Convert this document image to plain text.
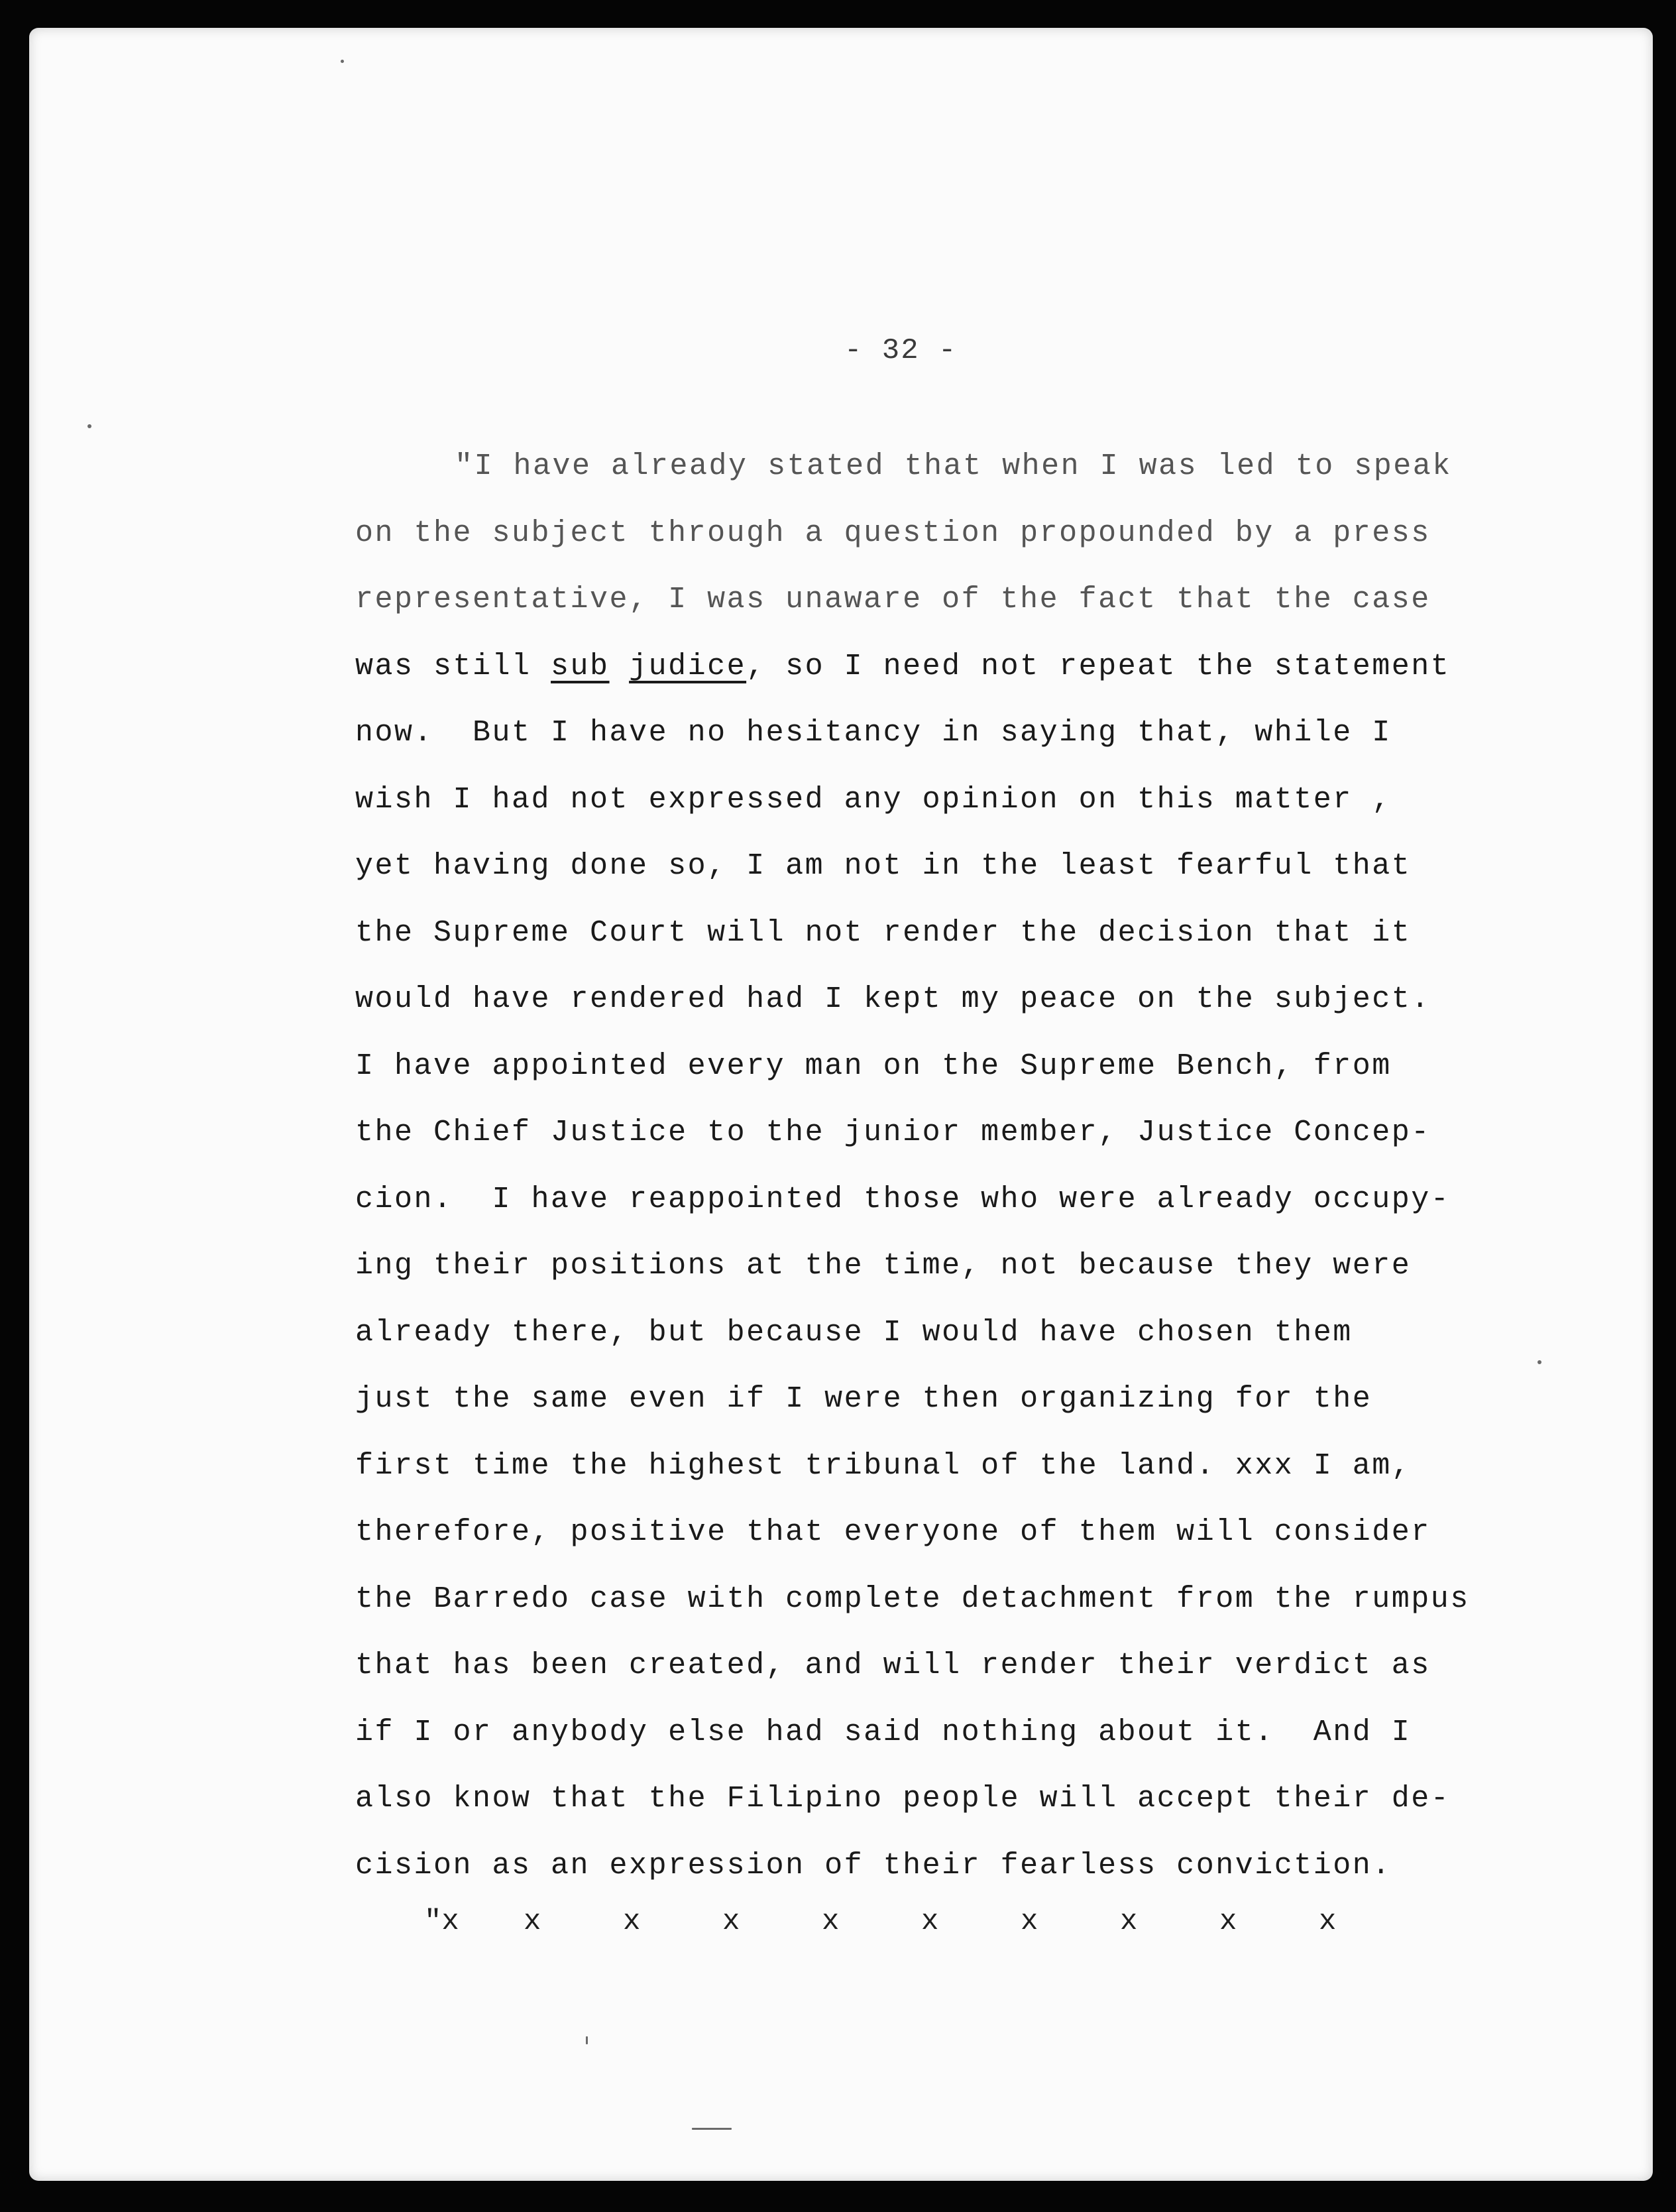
- 32 -
"I have already stated that when I was led to speak
on the subject through a question propounded by a press
representative, I was unaware of the fact that the case
was still sub judice, so I need not repeat the statement
now.  But I have no hesitancy in saying that, while I
wish I had not expressed any opinion on this matter ,
yet having done so, I am not in the least fearful that
the Supreme Court will not render the decision that it
would have rendered had I kept my peace on the subject.
I have appointed every man on the Supreme Bench, from
the Chief Justice to the junior member, Justice Concep-
cion.  I have reappointed those who were already occupy-
ing their positions at the time, not because they were
already there, but because I would have chosen them
just the same even if I were then organizing for the
first time the highest tribunal of the land. xxx I am,
therefore, positive that everyone of them will consider
the Barredo case with complete detachment from the rumpus
that has been created, and will render their verdict as
if I or anybody else had said nothing about it.  And I
also know that the Filipino people will accept their de-
cision as an expression of their fearless conviction.
"x	x	x	x	x	x	x	x	x	x
